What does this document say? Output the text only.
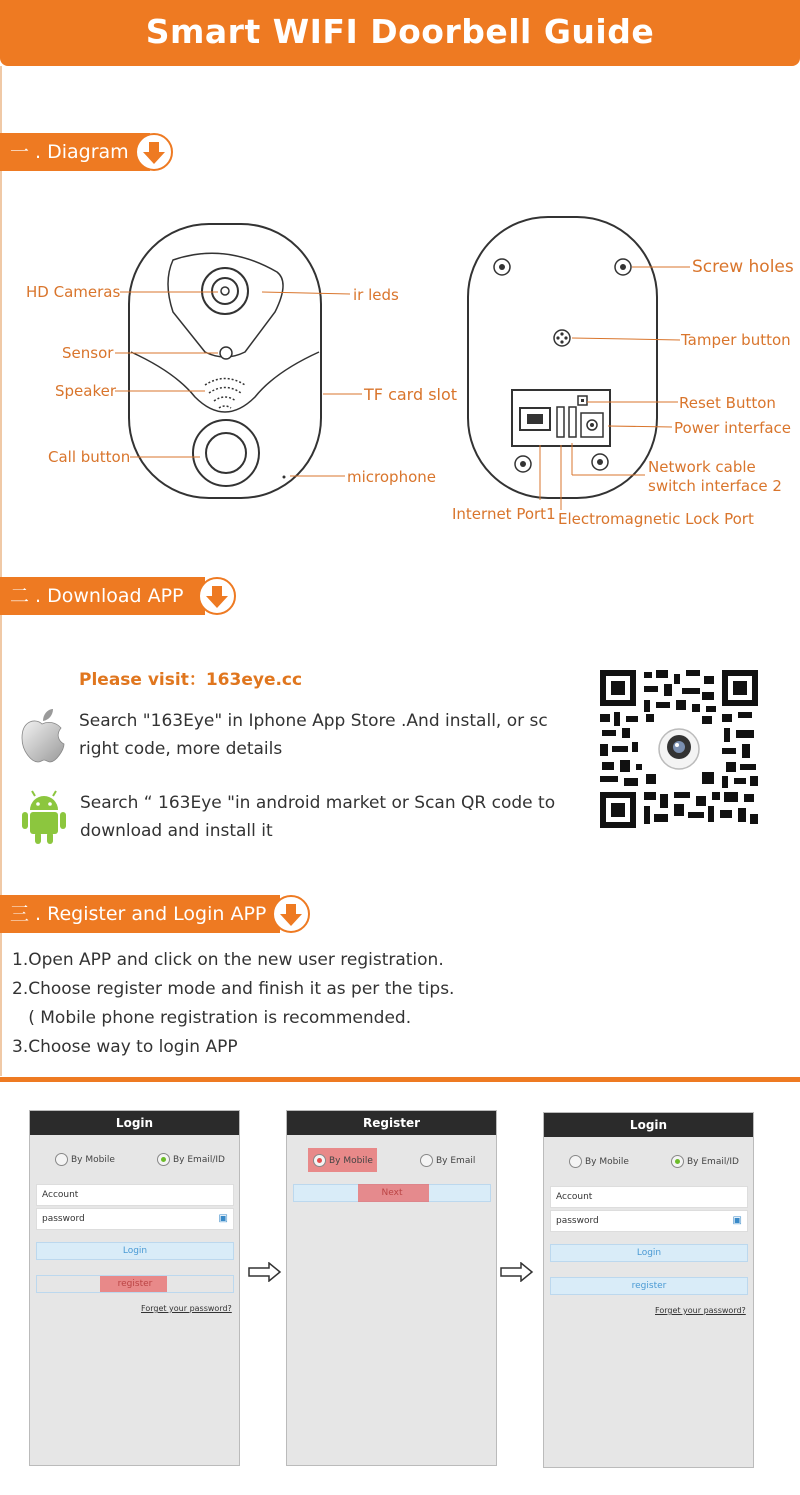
Smart WIFI Doorbell Guide
一 . Diagram
HD Cameras	ir leds
Sensor
Speaker	TF card slot
Call button
microphone
Screw holes
Tamper button
Reset Button
Power interface
Network cable
switch interface 2
Internet Port1 Electromagnetic Lock Port
二 . Download APP
Please visit：163eye.cc
Search "163Eye" in Iphone App Store .And install, or sc
right code, more details
Search “ 163Eye "in android market or Scan QR code to
download and install it
三 . Register and Login APP
1.Open APP and click on the new user registration.
2.Choose register mode and finish it as per the tips.
( Mobile phone registration is recommended.
3.Choose way to login APP
Login
By Mobile	By Email/ID
Account
password	▣
Login
register
Forget your password?
Register
By Mobile	By Email
Next
Login
By Mobile	By Email/ID
Account
password	▣
Login
register
Forget your password?
